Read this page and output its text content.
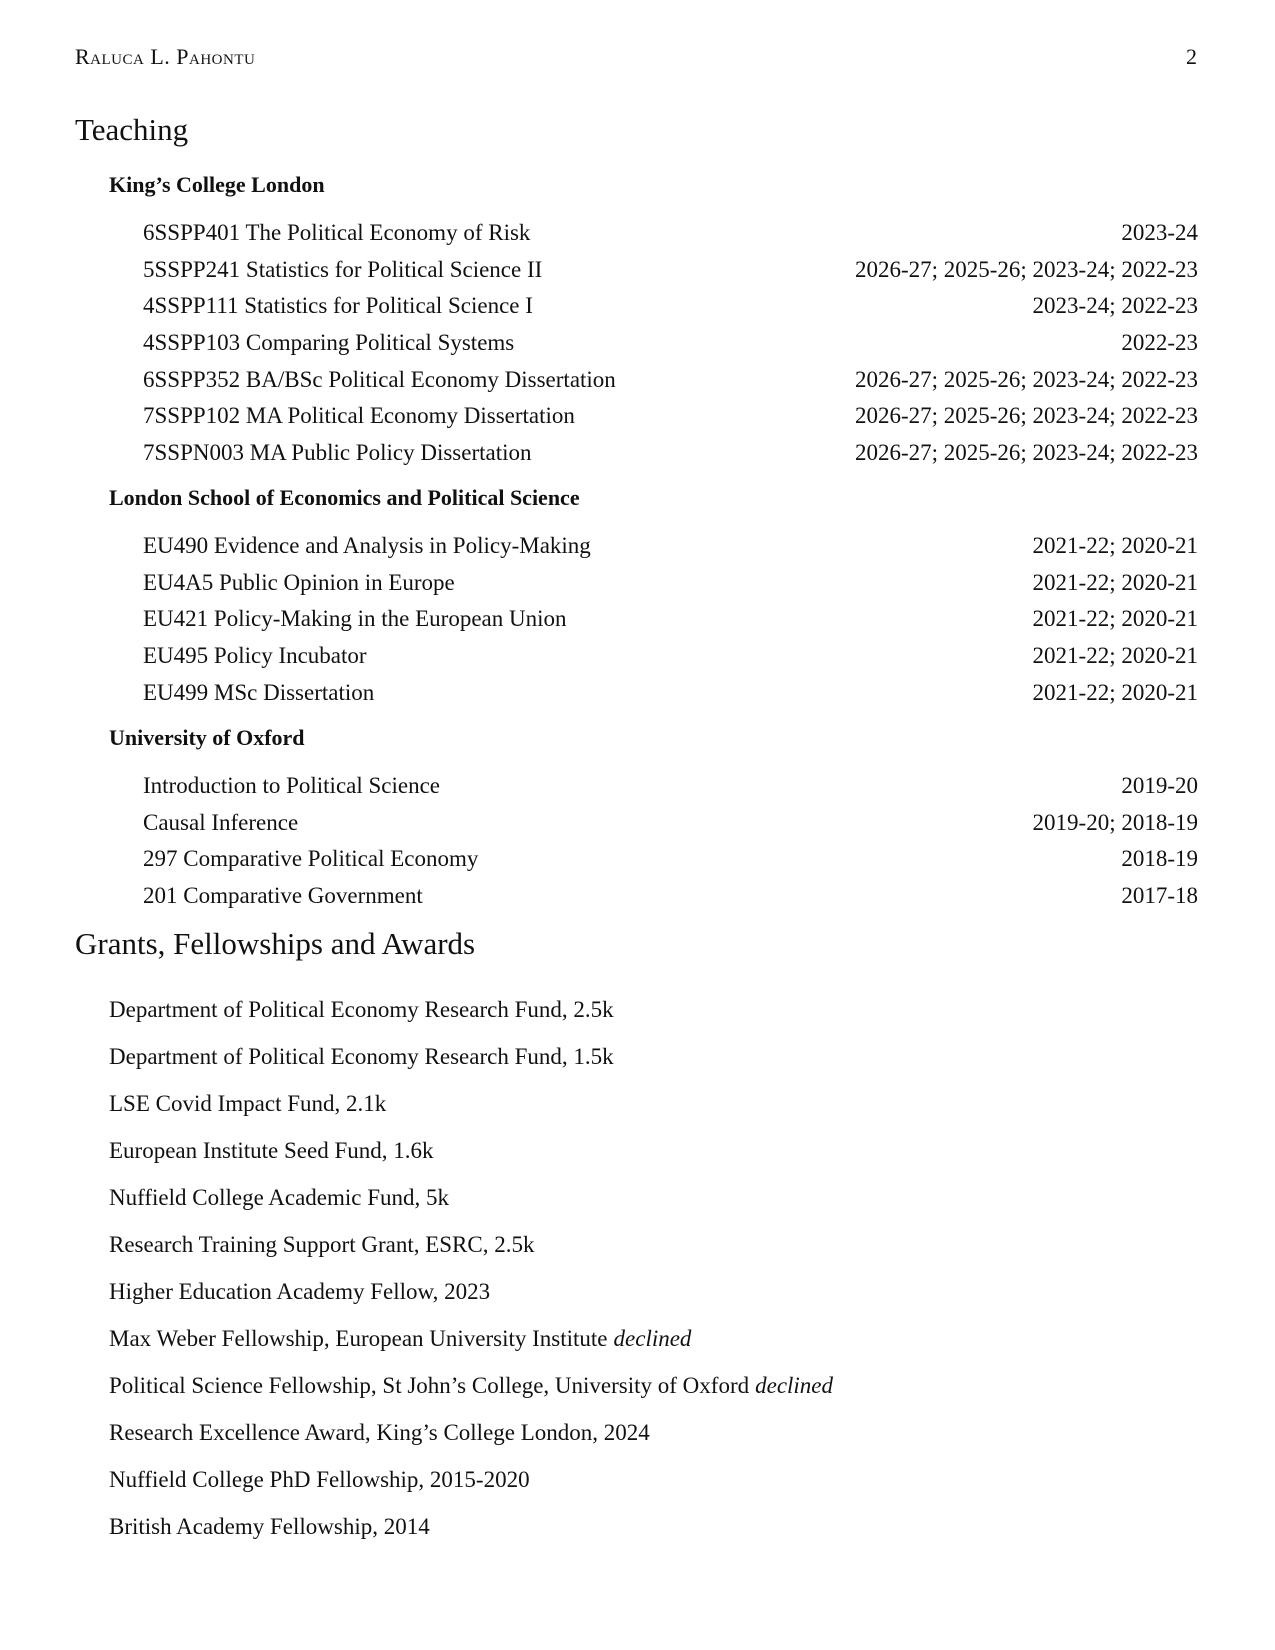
Raluca L. Pahontu	2
Teaching
King’s College London
6SSPP401 The Political Economy of Risk	2023-24
5SSPP241 Statistics for Political Science II	2026-27; 2025-26; 2023-24; 2022-23
4SSPP111 Statistics for Political Science I	2023-24; 2022-23
4SSPP103 Comparing Political Systems	2022-23
6SSPP352 BA/BSc Political Economy Dissertation	2026-27; 2025-26; 2023-24; 2022-23
7SSPP102 MA Political Economy Dissertation	2026-27; 2025-26; 2023-24; 2022-23
7SSPN003 MA Public Policy Dissertation	2026-27; 2025-26; 2023-24; 2022-23
London School of Economics and Political Science
EU490 Evidence and Analysis in Policy-Making	2021-22; 2020-21
EU4A5 Public Opinion in Europe	2021-22; 2020-21
EU421 Policy-Making in the European Union	2021-22; 2020-21
EU495 Policy Incubator	2021-22; 2020-21
EU499 MSc Dissertation	2021-22; 2020-21
University of Oxford
Introduction to Political Science	2019-20
Causal Inference	2019-20; 2018-19
297 Comparative Political Economy	2018-19
201 Comparative Government	2017-18
Grants, Fellowships and Awards
Department of Political Economy Research Fund, 2.5k
Department of Political Economy Research Fund, 1.5k
LSE Covid Impact Fund, 2.1k
European Institute Seed Fund, 1.6k
Nuffield College Academic Fund, 5k
Research Training Support Grant, ESRC, 2.5k
Higher Education Academy Fellow, 2023
Max Weber Fellowship, European University Institute declined
Political Science Fellowship, St John’s College, University of Oxford declined
Research Excellence Award, King’s College London, 2024
Nuffield College PhD Fellowship, 2015-2020
British Academy Fellowship, 2014
